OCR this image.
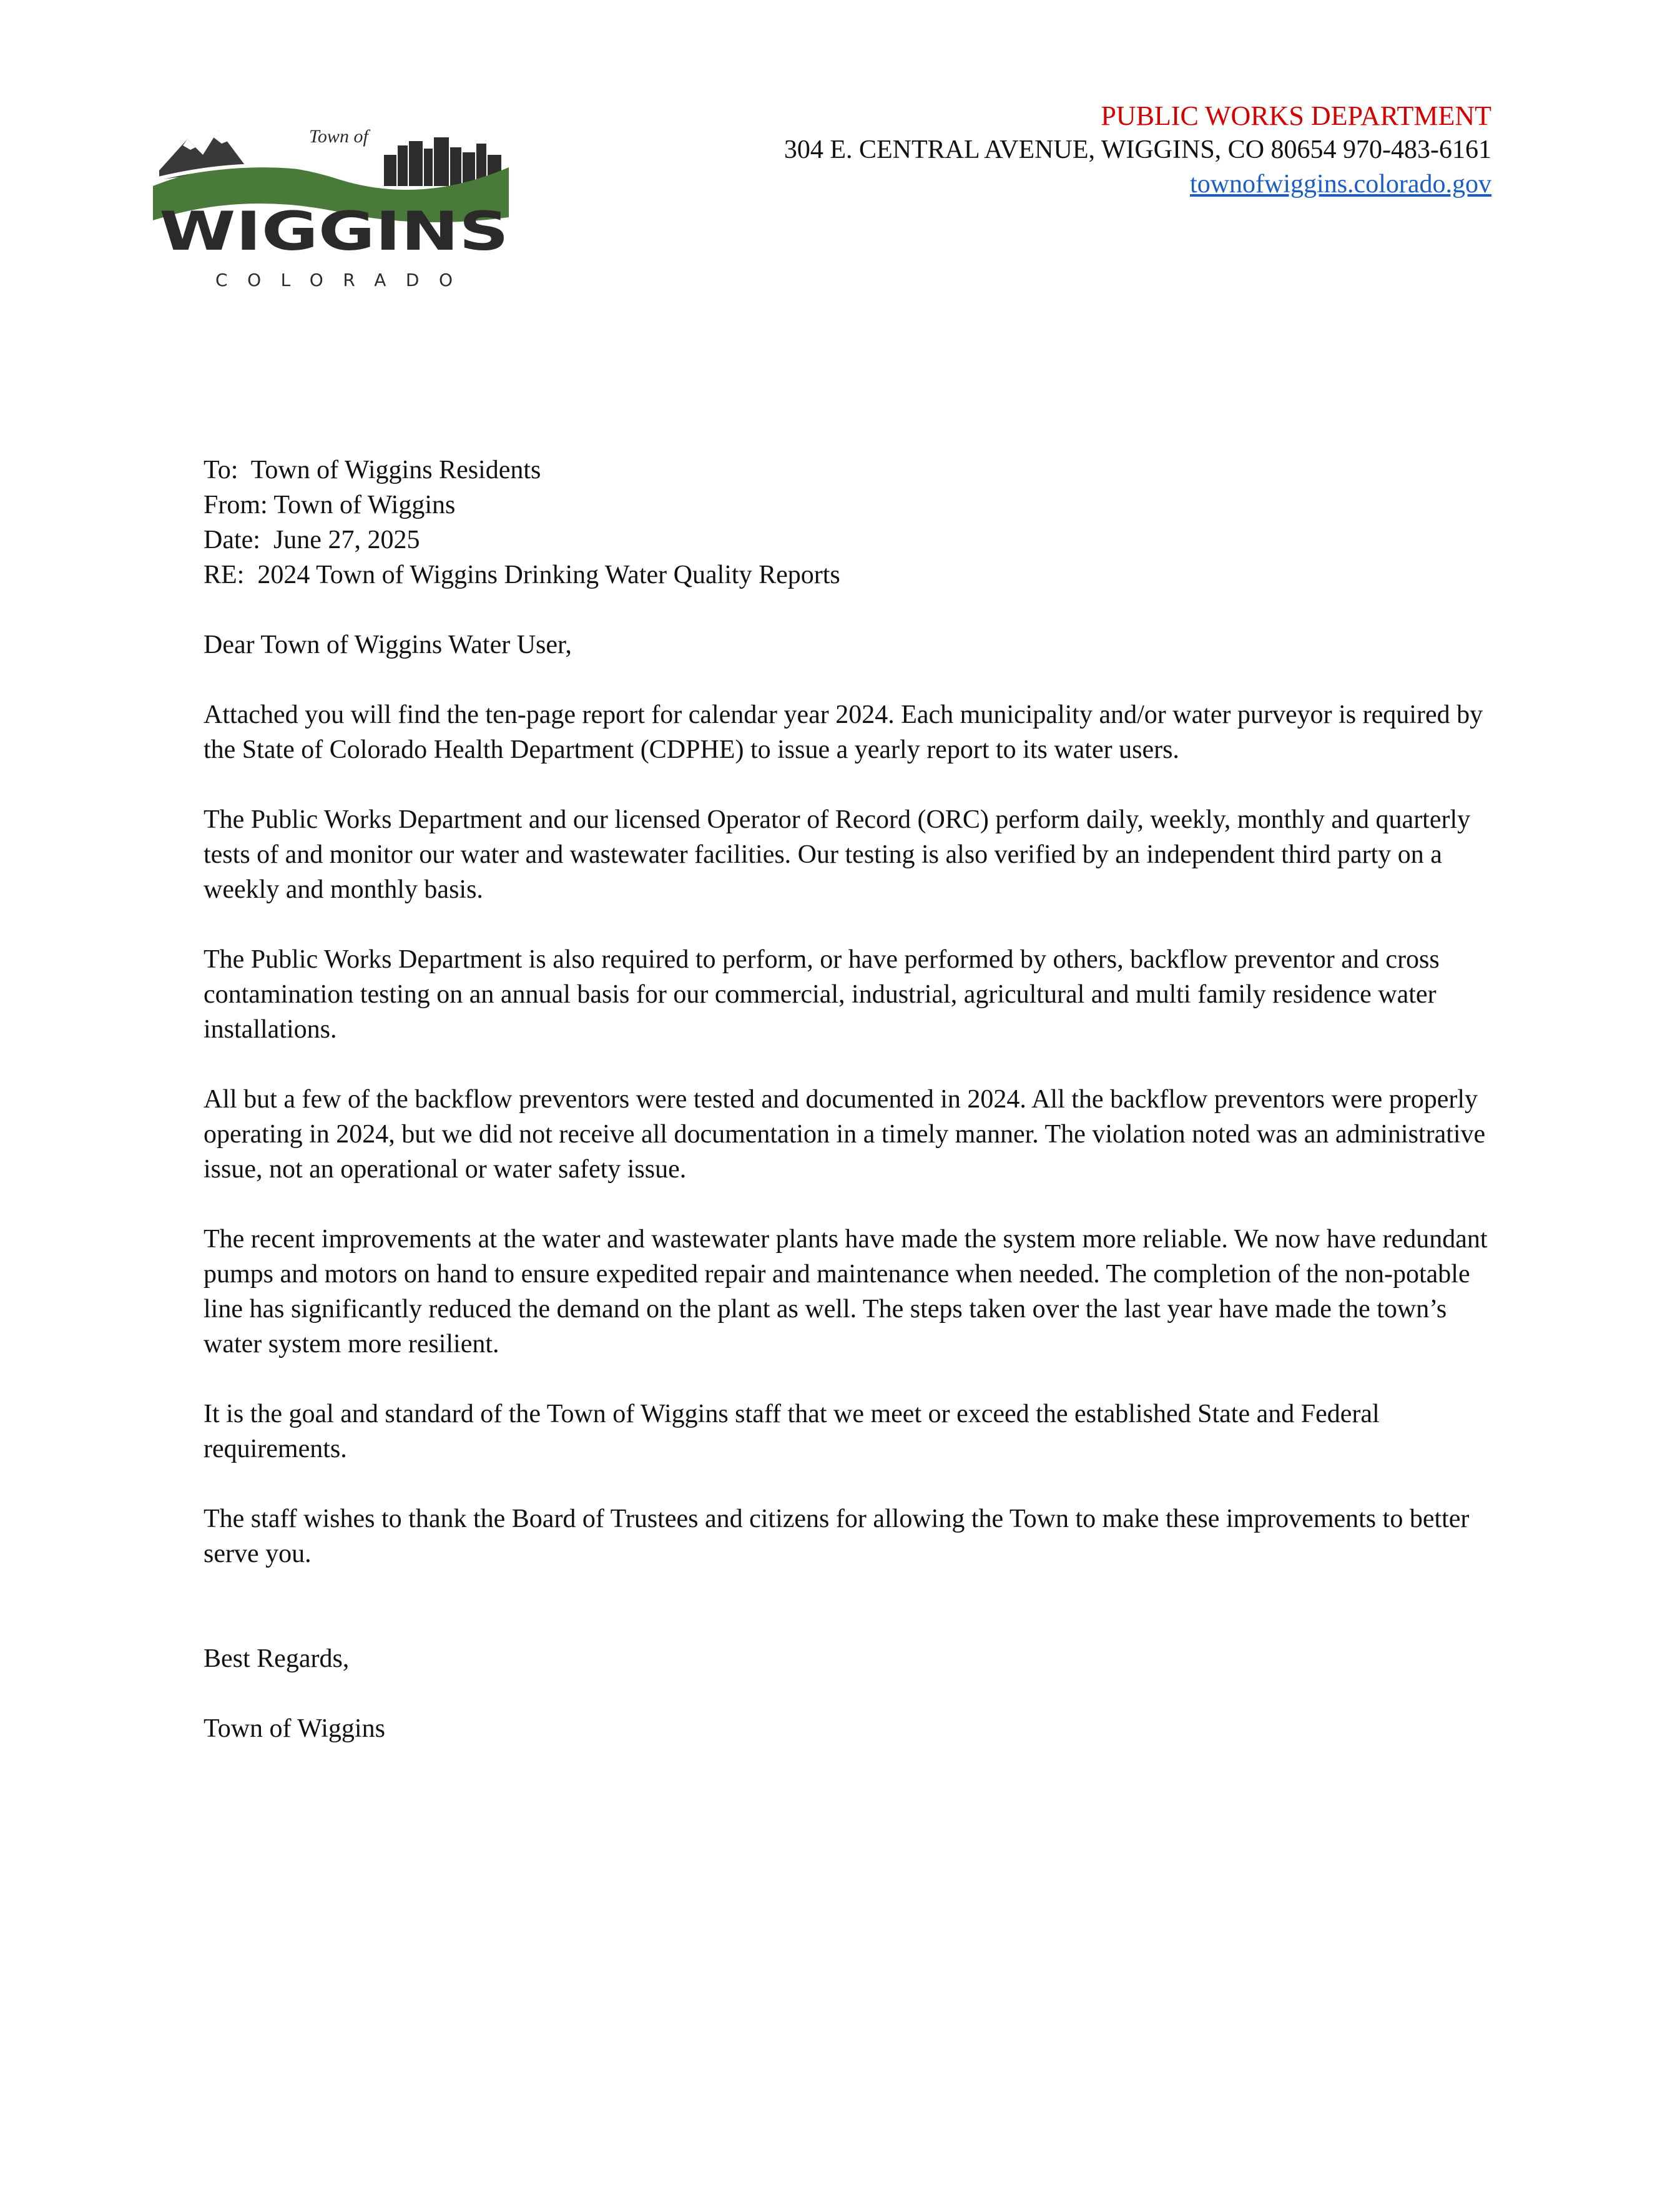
Town of
WIGGINS
COLORADO
PUBLIC WORKS DEPARTMENT
304 E. CENTRAL AVENUE, WIGGINS, CO 80654 970-483-6161
townofwiggins.colorado.gov
To:  Town of Wiggins Residents
From: Town of Wiggins
Date:  June 27, 2025
RE:  2024 Town of Wiggins Drinking Water Quality Reports

Dear Town of Wiggins Water User,

Attached you will find the ten-page report for calendar year 2024. Each municipality and/or water purveyor is required by the State of Colorado Health Department (CDPHE) to issue a yearly report to its water users.

The Public Works Department and our licensed Operator of Record (ORC) perform daily, weekly, monthly and quarterly tests of and monitor our water and wastewater facilities. Our testing is also verified by an independent third party on a weekly and monthly basis.

The Public Works Department is also required to perform, or have performed by others, backflow preventor and cross contamination testing on an annual basis for our commercial, industrial, agricultural and multi family residence water installations.

All but a few of the backflow preventors were tested and documented in 2024. All the backflow preventors were properly operating in 2024, but we did not receive all documentation in a timely manner. The violation noted was an administrative issue, not an operational or water safety issue.

The recent improvements at the water and wastewater plants have made the system more reliable. We now have redundant pumps and motors on hand to ensure expedited repair and maintenance when needed. The completion of the non-potable line has significantly reduced the demand on the plant as well. The steps taken over the last year have made the town’s water system more resilient.

It is the goal and standard of the Town of Wiggins staff that we meet or exceed the established State and Federal requirements.

The staff wishes to thank the Board of Trustees and citizens for allowing the Town to make these improvements to better serve you.

Best Regards,

Town of Wiggins
